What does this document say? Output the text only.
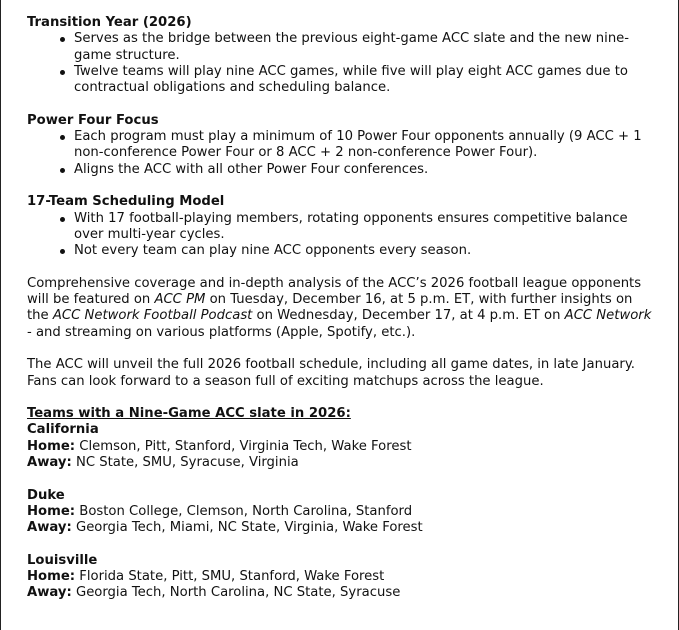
Transition Year (2026)
Serves as the bridge between the previous eight-game ACC slate and the new nine-game structure.
Twelve teams will play nine ACC games, while five will play eight ACC games due to contractual obligations and scheduling balance.
Power Four Focus
Each program must play a minimum of 10 Power Four opponents annually (9 ACC + 1 non-conference Power Four or 8 ACC + 2 non-conference Power Four).
Aligns the ACC with all other Power Four conferences.
17-Team Scheduling Model
With 17 football-playing members, rotating opponents ensures competitive balance over multi-year cycles.
Not every team can play nine ACC opponents every season.

Comprehensive coverage and in-depth analysis of the ACC’s 2026 football league opponents will be featured on ACC PM on Tuesday, December 16, at 5 p.m. ET, with further insights on the ACC Network Football Podcast on Wednesday, December 17, at 4 p.m. ET on ACC Network - and streaming on various platforms (Apple, Spotify, etc.).

The ACC will unveil the full 2026 football schedule, including all game dates, in late January. Fans can look forward to a season full of exciting matchups across the league.

Teams with a Nine-Game ACC slate in 2026:
California
Home: Clemson, Pitt, Stanford, Virginia Tech, Wake Forest
Away: NC State, SMU, Syracuse, Virginia
Duke
Home: Boston College, Clemson, North Carolina, Stanford
Away: Georgia Tech, Miami, NC State, Virginia, Wake Forest
Louisville
Home: Florida State, Pitt, SMU, Stanford, Wake Forest
Away: Georgia Tech, North Carolina, NC State, Syracuse
